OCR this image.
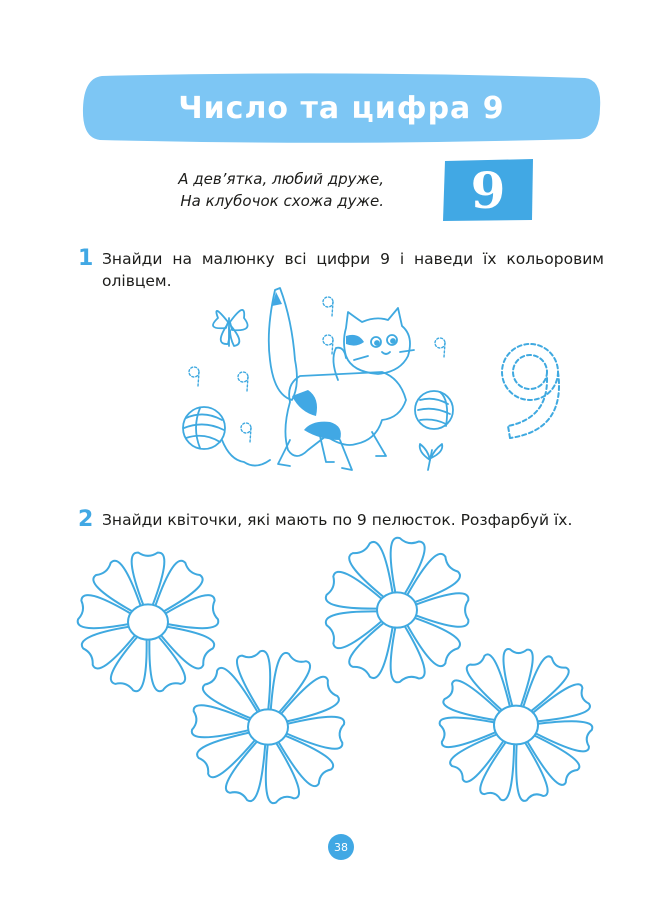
Число та цифра 9
А дев’ятка, любий друже,
На клубочок схожа дуже.	9
1 Знайди на малюнку всі цифри 9 і наведи їх кольоровим олівцем.
2 Знайди квіточки, які мають по 9 пелюсток. Розфарбуй їх.
38
